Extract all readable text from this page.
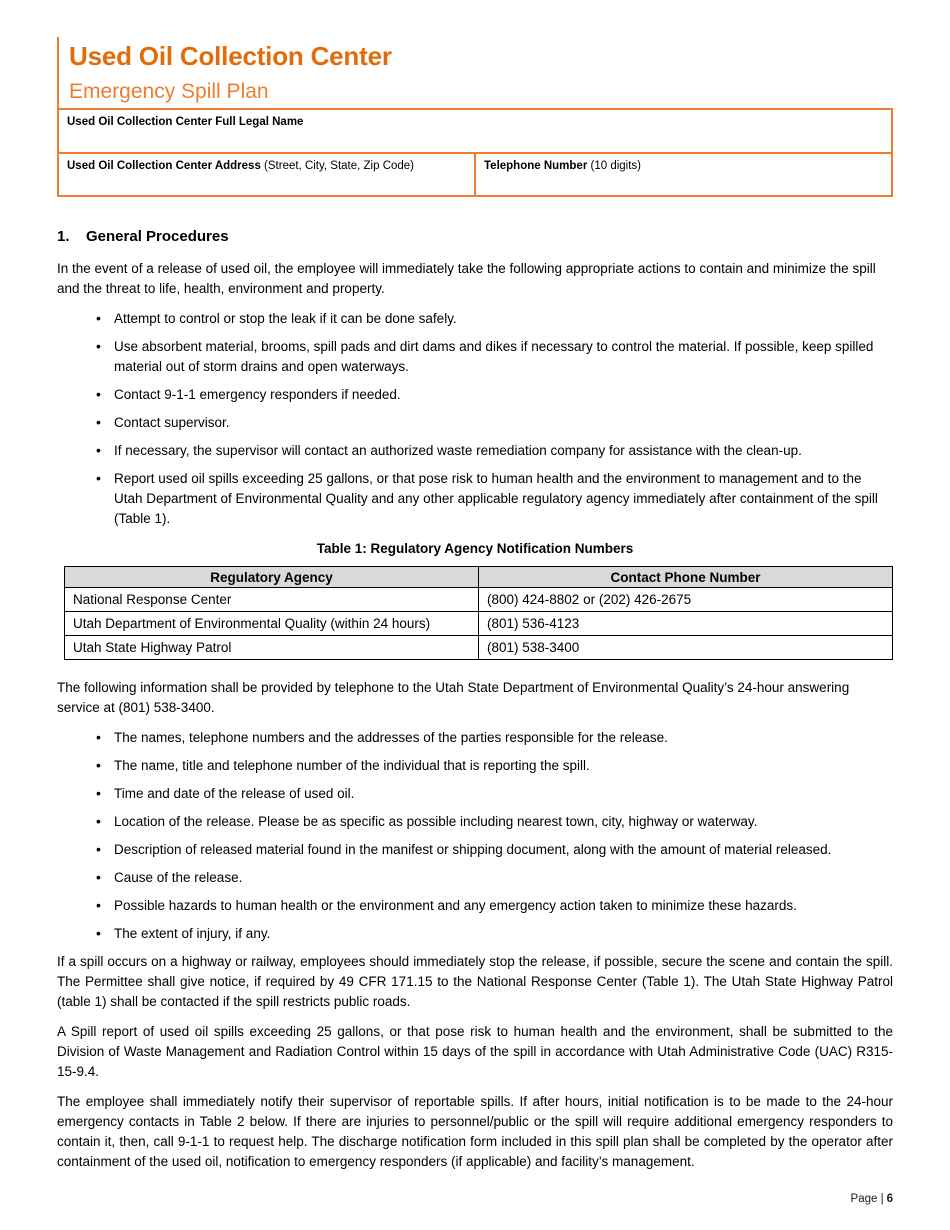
Used Oil Collection Center
Emergency Spill Plan
Used Oil Collection Center Full Legal Name

Used Oil Collection Center Address (Street, City, State, Zip Code)	Telephone Number (10 digits)
1.	General Procedures

In the event of a release of used oil, the employee will immediately take the following appropriate actions to contain and minimize the spill and the threat to life, health, environment and property.

• Attempt to control or stop the leak if it can be done safely.
• Use absorbent material, brooms, spill pads and dirt dams and dikes if necessary to control the material. If possible, keep spilled material out of storm drains and open waterways.
• Contact 9-1-1 emergency responders if needed.
• Contact supervisor.
• If necessary, the supervisor will contact an authorized waste remediation company for assistance with the clean-up.
• Report used oil spills exceeding 25 gallons, or that pose risk to human health and the environment to management and to the Utah Department of Environmental Quality and any other applicable regulatory agency immediately after containment of the spill (Table 1).
Table 1: Regulatory Agency Notification Numbers
Regulatory Agency	Contact Phone Number
National Response Center	(800) 424-8802 or (202) 426-2675
Utah Department of Environmental Quality (within 24 hours)	(801) 536-4123
Utah State Highway Patrol	(801) 538-3400

The following information shall be provided by telephone to the Utah State Department of Environmental Quality’s 24-hour answering service at (801) 538-3400.

• The names, telephone numbers and the addresses of the parties responsible for the release.
• The name, title and telephone number of the individual that is reporting the spill.
• Time and date of the release of used oil.
• Location of the release. Please be as specific as possible including nearest town, city, highway or waterway.
• Description of released material found in the manifest or shipping document, along with the amount of material released.
• Cause of the release.
• Possible hazards to human health or the environment and any emergency action taken to minimize these hazards.
• The extent of injury, if any.

If a spill occurs on a highway or railway, employees should immediately stop the release, if possible, secure the scene and contain the spill. The Permittee shall give notice, if required by 49 CFR 171.15 to the National Response Center (Table 1). The Utah State Highway Patrol (table 1) shall be contacted if the spill restricts public roads.

A Spill report of used oil spills exceeding 25 gallons, or that pose risk to human health and the environment, shall be submitted to the Division of Waste Management and Radiation Control within 15 days of the spill in accordance with Utah Administrative Code (UAC) R315-15-9.4.

The employee shall immediately notify their supervisor of reportable spills. If after hours, initial notification is to be made to the 24-hour emergency contacts in Table 2 below. If there are injuries to personnel/public or the spill will require additional emergency responders to contain it, then, call 9-1-1 to request help. The discharge notification form included in this spill plan shall be completed by the operator after containment of the used oil, notification to emergency responders (if applicable) and facility’s management.

Page | 6
